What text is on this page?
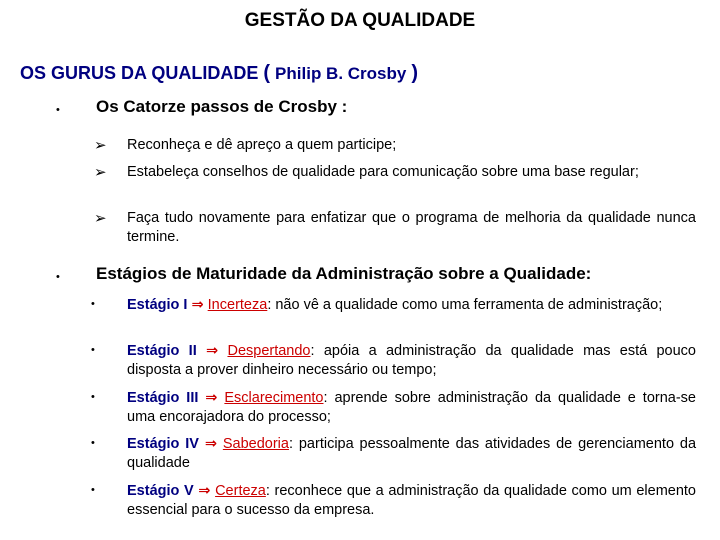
GESTÃO DA QUALIDADE
OS GURUS DA QUALIDADE ( Philip B. Crosby )
• Os Catorze passos de Crosby :
➢ Reconheça e dê apreço a quem participe;
➢ Estabeleça conselhos de qualidade para comunicação sobre uma base regular;
➢ Faça tudo novamente para enfatizar que o programa de melhoria da qualidade nunca termine.
• Estágios de Maturidade da Administração sobre a Qualidade:
• Estágio I ⇒ Incerteza: não vê a qualidade como uma ferramenta de administração;
• Estágio II ⇒ Despertando: apóia a administração da qualidade mas está pouco disposta a prover dinheiro necessário ou tempo;
• Estágio III ⇒ Esclarecimento: aprende sobre administração da qualidade e torna-se uma encorajadora do processo;
• Estágio IV ⇒ Sabedoria: participa pessoalmente das atividades de gerenciamento da qualidade
• Estágio V ⇒ Certeza: reconhece que a administração da qualidade como um elemento essencial para o sucesso da empresa.
